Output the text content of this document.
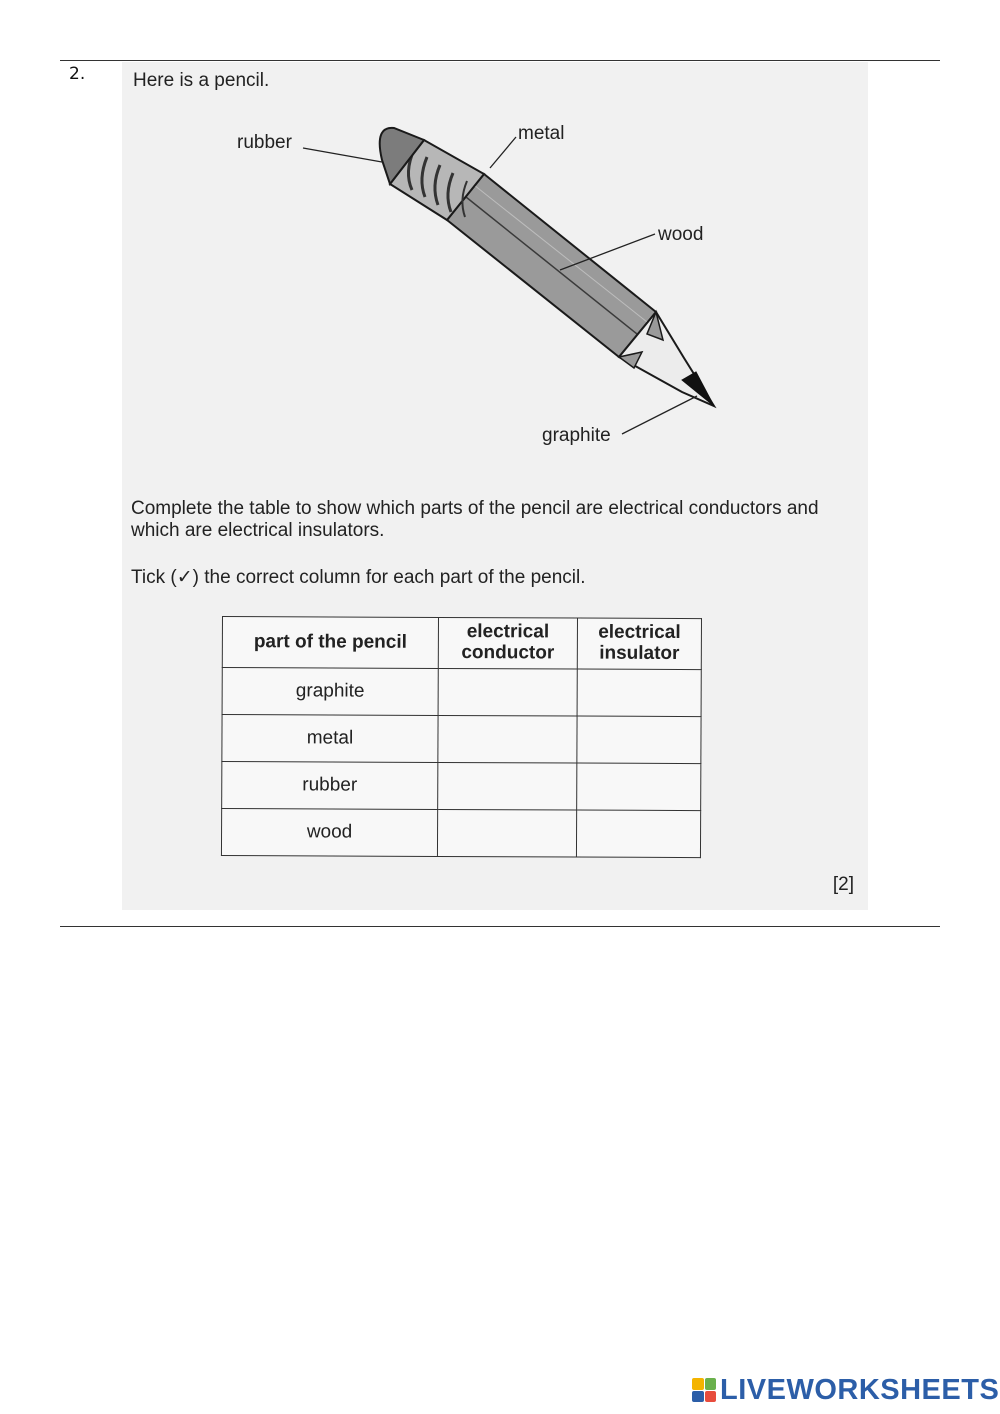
2.	Here is a pencil.
rubber	metal
wood
graphite
Complete the table to show which parts of the pencil are electrical conductors and which are electrical insulators.
Tick (✓) the correct column for each part of the pencil.
part of the pencil	electrical conductor	electrical insulator
graphite		
metal		
rubber		
wood		
[2]
LIVEWORKSHEETS
